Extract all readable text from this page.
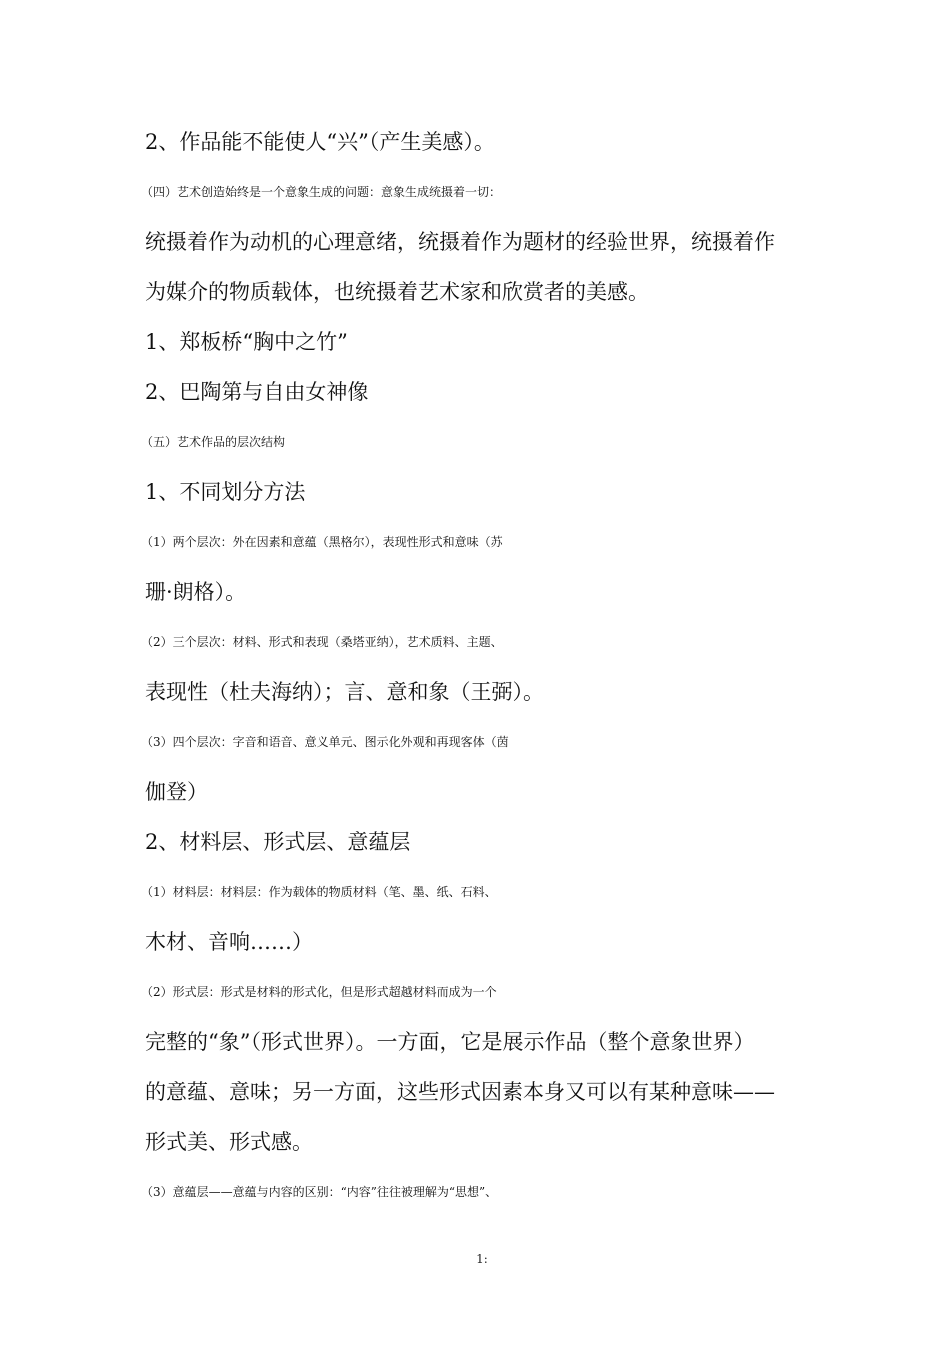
2、作品能不能使人“兴”（产生美感）。
（四）艺术创造始终是一个意象生成的问题：意象生成统摄着一切：
统摄着作为动机的心理意绪，统摄着作为题材的经验世界，统摄着作
为媒介的物质载体，也统摄着艺术家和欣赏者的美感。
1、郑板桥“胸中之竹”
2、巴陶第与自由女神像
（五）艺术作品的层次结构
1、不同划分方法
（1）两个层次：外在因素和意蕴（黑格尔），表现性形式和意味（苏
珊·朗格）。
（2）三个层次：材料、形式和表现（桑塔亚纳），艺术质料、主题、
表现性（杜夫海纳）；言、意和象（王弼）。
（3）四个层次：字音和语音、意义单元、图示化外观和再现客体（茵
伽登）
2、材料层、形式层、意蕴层
（1）材料层：材料层：作为载体的物质材料（笔、墨、纸、石料、
木材、音响……）
（2）形式层：形式是材料的形式化，但是形式超越材料而成为一个
完整的“象”（形式世界）。一方面，它是展示作品（整个意象世界）
的意蕴、意味；另一方面，这些形式因素本身又可以有某种意味——
形式美、形式感。
（3）意蕴层——意蕴与内容的区别：“内容”往往被理解为“思想”、
1:
